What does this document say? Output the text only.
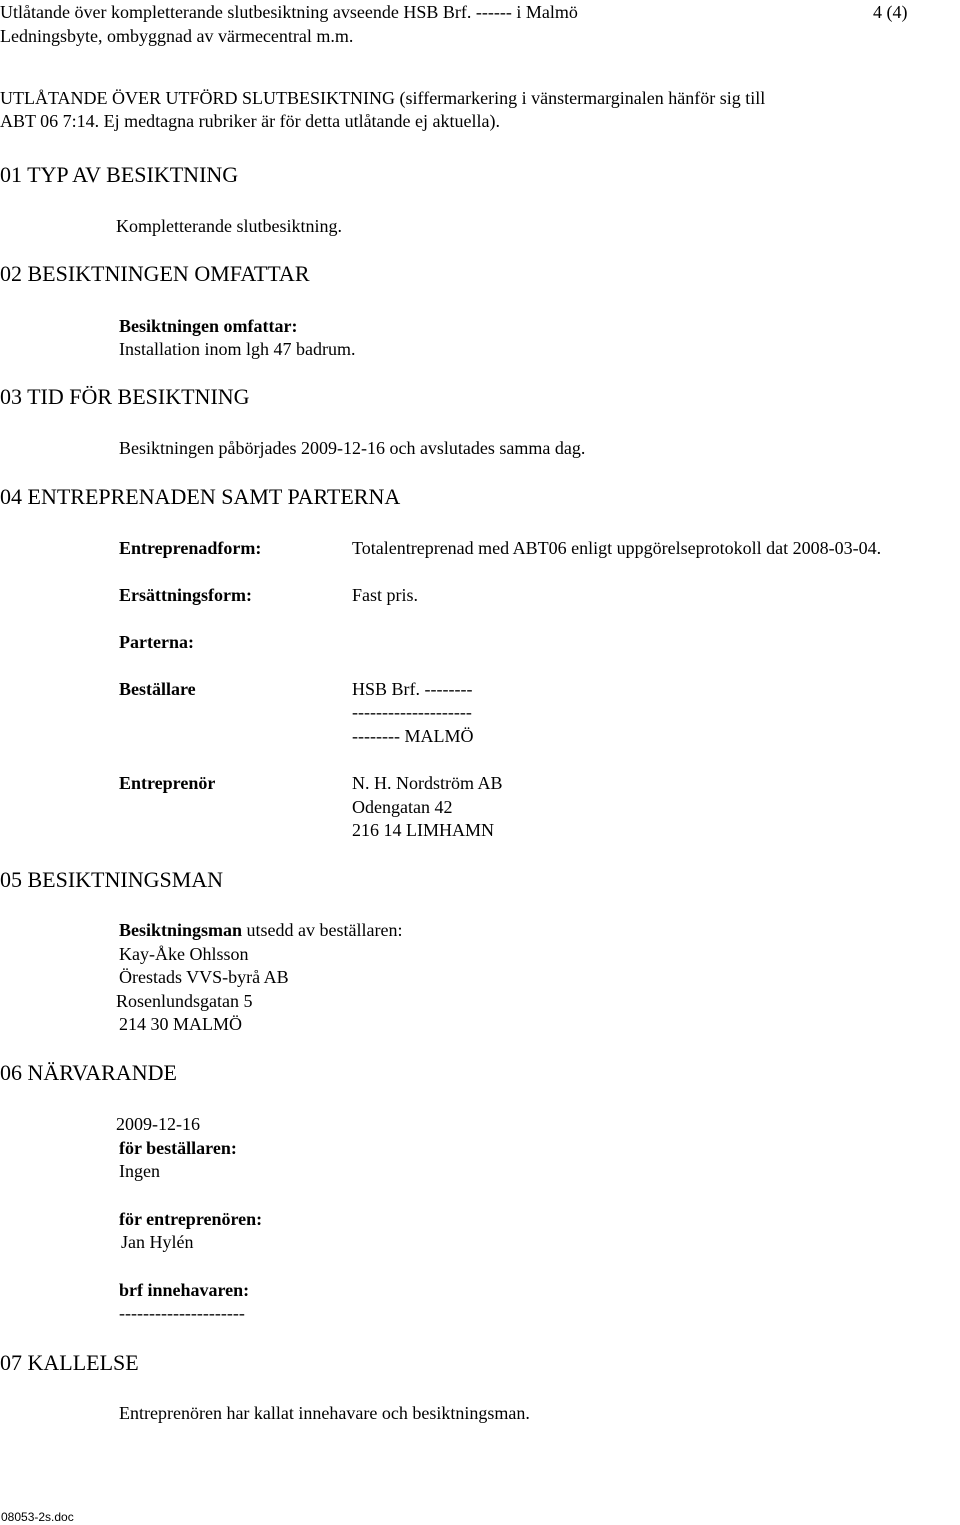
Utlåtande över kompletterande slutbesiktning avseende HSB Brf. ------ i Malmö	4 (4)
Ledningsbyte, ombyggnad av värmecentral m.m.
UTLÅTANDE ÖVER UTFÖRD SLUTBESIKTNING (siffermarkering i vänstermarginalen hänför sig till
ABT 06 7:14. Ej medtagna rubriker är för detta utlåtande ej aktuella).
01 TYP AV BESIKTNING
Kompletterande slutbesiktning.
02 BESIKTNINGEN OMFATTAR
Besiktningen omfattar:
Installation inom lgh 47 badrum.
03 TID FÖR BESIKTNING
Besiktningen påbörjades 2009-12-16 och avslutades samma dag.
04 ENTREPRENADEN SAMT PARTERNA
Entreprenadform:	Totalentreprenad med ABT06 enligt uppgörelseprotokoll dat 2008-03-04.
Ersättningsform:	Fast pris.
Parterna:
Beställare	HSB Brf. --------
--------------------
-------- MALMÖ
Entreprenör	N. H. Nordström AB
Odengatan 42
216 14 LIMHAMN
05 BESIKTNINGSMAN
Besiktningsman utsedd av beställaren:
Kay-Åke Ohlsson
Örestads VVS-byrå AB
Rosenlundsgatan 5
214 30 MALMÖ
06 NÄRVARANDE
2009-12-16
för beställaren:
Ingen
för entreprenören:
Jan Hylén
brf innehavaren:
---------------------
07 KALLELSE
Entreprenören har kallat innehavare och besiktningsman.
08053-2s.doc
